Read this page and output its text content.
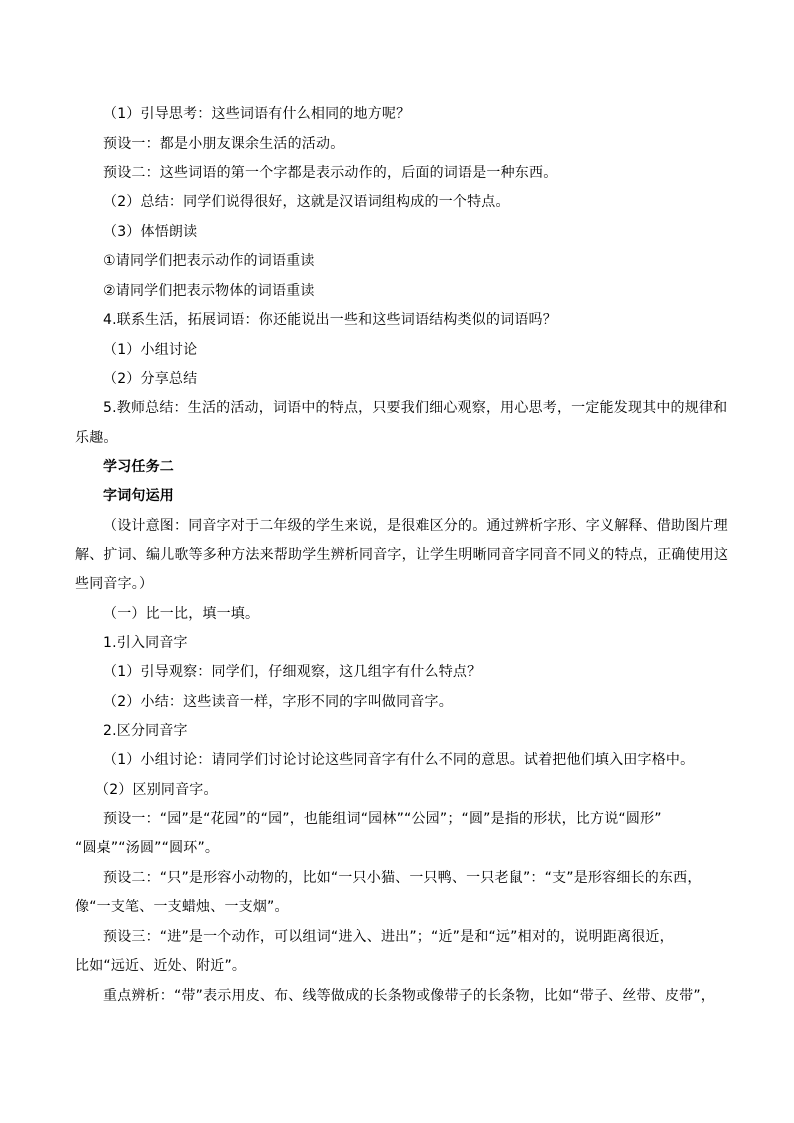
（1）引导思考：这些词语有什么相同的地方呢？
预设一：都是小朋友课余生活的活动。
预设二：这些词语的第一个字都是表示动作的，后面的词语是一种东西。
（2）总结：同学们说得很好，这就是汉语词组构成的一个特点。
（3）体悟朗读
①请同学们把表示动作的词语重读
②请同学们把表示物体的词语重读
4.联系生活，拓展词语：你还能说出一些和这些词语结构类似的词语吗？
（1）小组讨论
（2）分享总结
5.教师总结：生活的活动，词语中的特点，只要我们细心观察，用心思考，一定能发现其中的规律和
乐趣。
学习任务二
字词句运用
（设计意图：同音字对于二年级的学生来说，是很难区分的。通过辨析字形、字义解释、借助图片理
解、扩词、编儿歌等多种方法来帮助学生辨析同音字，让学生明晰同音字同音不同义的特点，正确使用这
些同音字。）
（一）比一比，填一填。
1.引入同音字
（1）引导观察：同学们，仔细观察，这几组字有什么特点？
（2）小结：这些读音一样，字形不同的字叫做同音字。
2.区分同音字
（1）小组讨论：请同学们讨论讨论这些同音字有什么不同的意思。试着把他们填入田字格中。
（2）区别同音字。
预设一：“园”是“花园”的“园”，也能组词“园林”“公园”；“圆”是指的形状，比方说“圆形”
“圆桌”“汤圆”“圆环”。
预设二：“只”是形容小动物的，比如“一只小猫、一只鸭、一只老鼠”：“支”是形容细长的东西，
像“一支笔、一支蜡烛、一支烟”。
预设三：“进”是一个动作，可以组词“进入、进出”；“近”是和“远”相对的，说明距离很近，
比如“远近、近处、附近”。
重点辨析：“带”表示用皮、布、线等做成的长条物或像带子的长条物，比如“带子、丝带、皮带”，
